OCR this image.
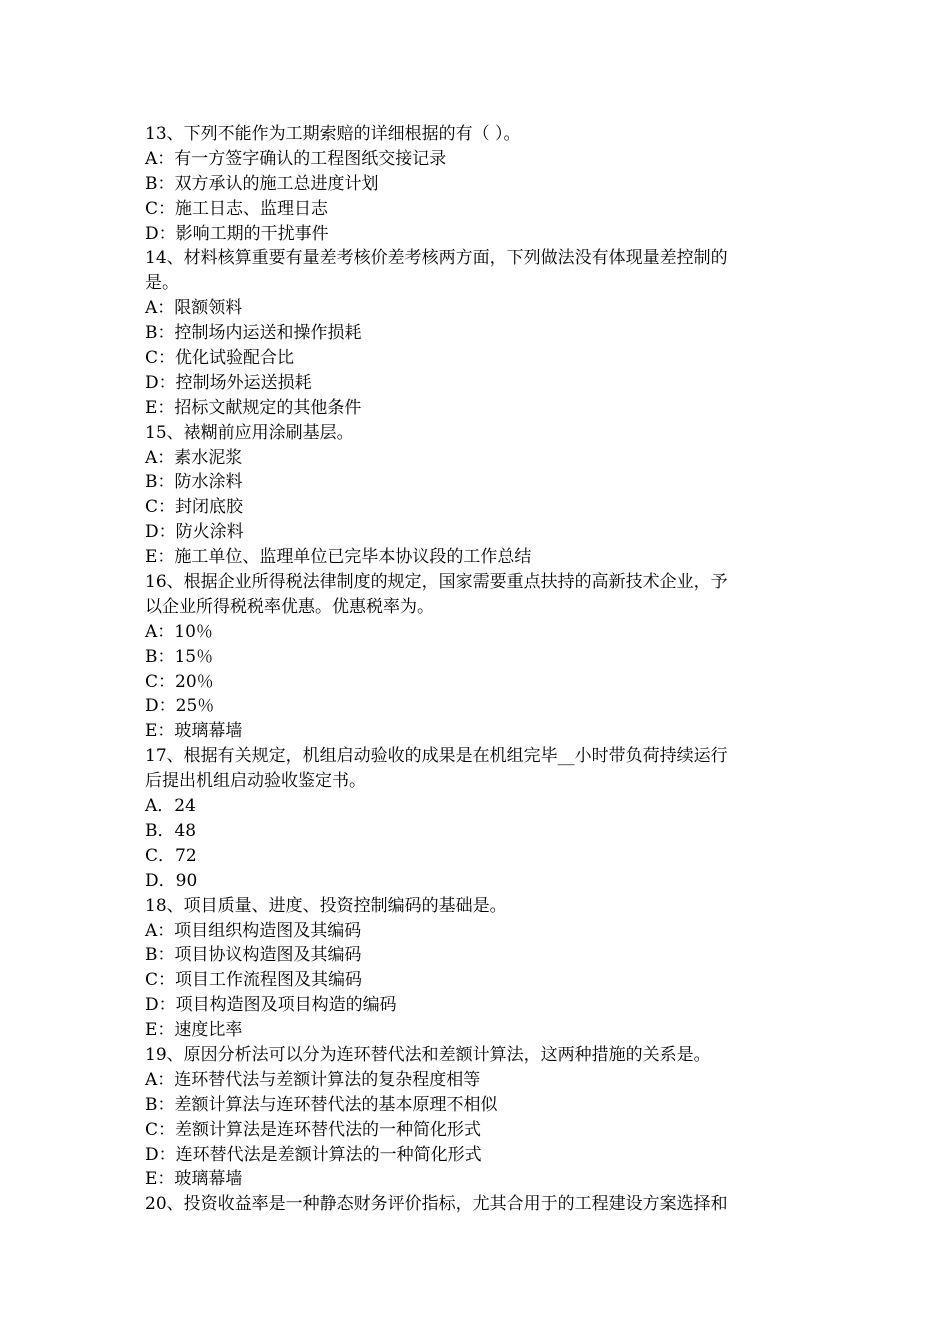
13、下列不能作为工期索赔的详细根据的有（ ）。
A：有一方签字确认的工程图纸交接记录
B：双方承认的施工总进度计划
C：施工日志、监理日志
D：影响工期的干扰事件
14、材料核算重要有量差考核价差考核两方面，下列做法没有体现量差控制的
是。
A：限额领料
B：控制场内运送和操作损耗
C：优化试验配合比
D：控制场外运送损耗
E：招标文献规定的其他条件
15、裱糊前应用涂刷基层。
A：素水泥浆
B：防水涂料
C：封闭底胶
D：防火涂料
E：施工单位、监理单位已完毕本协议段的工作总结
16、根据企业所得税法律制度的规定，国家需要重点扶持的高新技术企业，予
以企业所得税税率优惠。优惠税率为。
A：10％
B：15％
C：20％
D：25％
E：玻璃幕墙
17、根据有关规定，机组启动验收的成果是在机组完毕__小时带负荷持续运行
后提出机组启动验收鉴定书。
A．24
B．48
C．72
D．90
18、项目质量、进度、投资控制编码的基础是。
A：项目组织构造图及其编码
B：项目协议构造图及其编码
C：项目工作流程图及其编码
D：项目构造图及项目构造的编码
E：速度比率
19、原因分析法可以分为连环替代法和差额计算法，这两种措施的关系是。
A：连环替代法与差额计算法的复杂程度相等
B：差额计算法与连环替代法的基本原理不相似
C：差额计算法是连环替代法的一种简化形式
D：连环替代法是差额计算法的一种简化形式
E：玻璃幕墙
20、投资收益率是一种静态财务评价指标，尤其合用于的工程建设方案选择和
